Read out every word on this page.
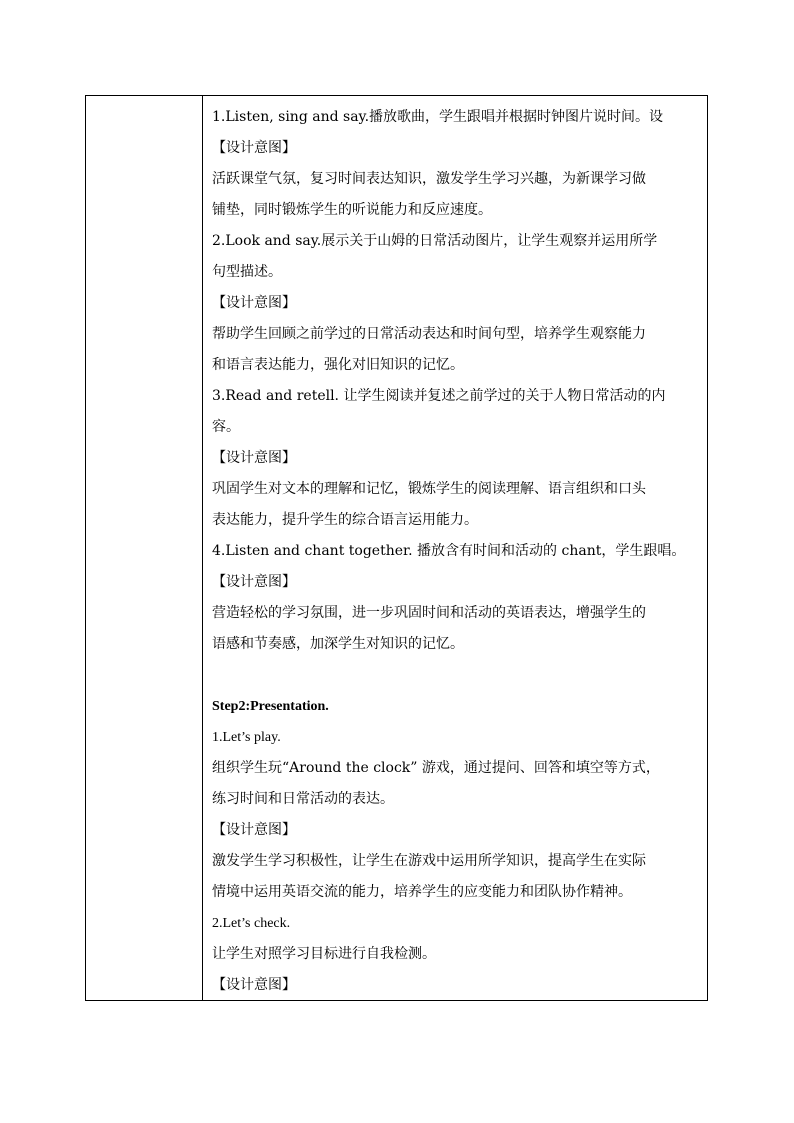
1.Listen, sing and say.播放歌曲，学生跟唱并根据时钟图片说时间。设
【设计意图】
活跃课堂气氛，复习时间表达知识，激发学生学习兴趣，为新课学习做
铺垫，同时锻炼学生的听说能力和反应速度。
2.Look and say.展示关于山姆的日常活动图片，让学生观察并运用所学
句型描述。
【设计意图】
帮助学生回顾之前学过的日常活动表达和时间句型，培养学生观察能力
和语言表达能力，强化对旧知识的记忆。
3.Read and retell. 让学生阅读并复述之前学过的关于人物日常活动的内
容。
【设计意图】
巩固学生对文本的理解和记忆，锻炼学生的阅读理解、语言组织和口头
表达能力，提升学生的综合语言运用能力。
4.Listen and chant together. 播放含有时间和活动的 chant，学生跟唱。
【设计意图】
营造轻松的学习氛围，进一步巩固时间和活动的英语表达，增强学生的
语感和节奏感，加深学生对知识的记忆。
Step2:Presentation.
1.Let’s play.
组织学生玩“Around the clock” 游戏，通过提问、回答和填空等方式，
练习时间和日常活动的表达。
【设计意图】
激发学生学习积极性，让学生在游戏中运用所学知识，提高学生在实际
情境中运用英语交流的能力，培养学生的应变能力和团队协作精神。
2.Let’s check.
让学生对照学习目标进行自我检测。
【设计意图】
